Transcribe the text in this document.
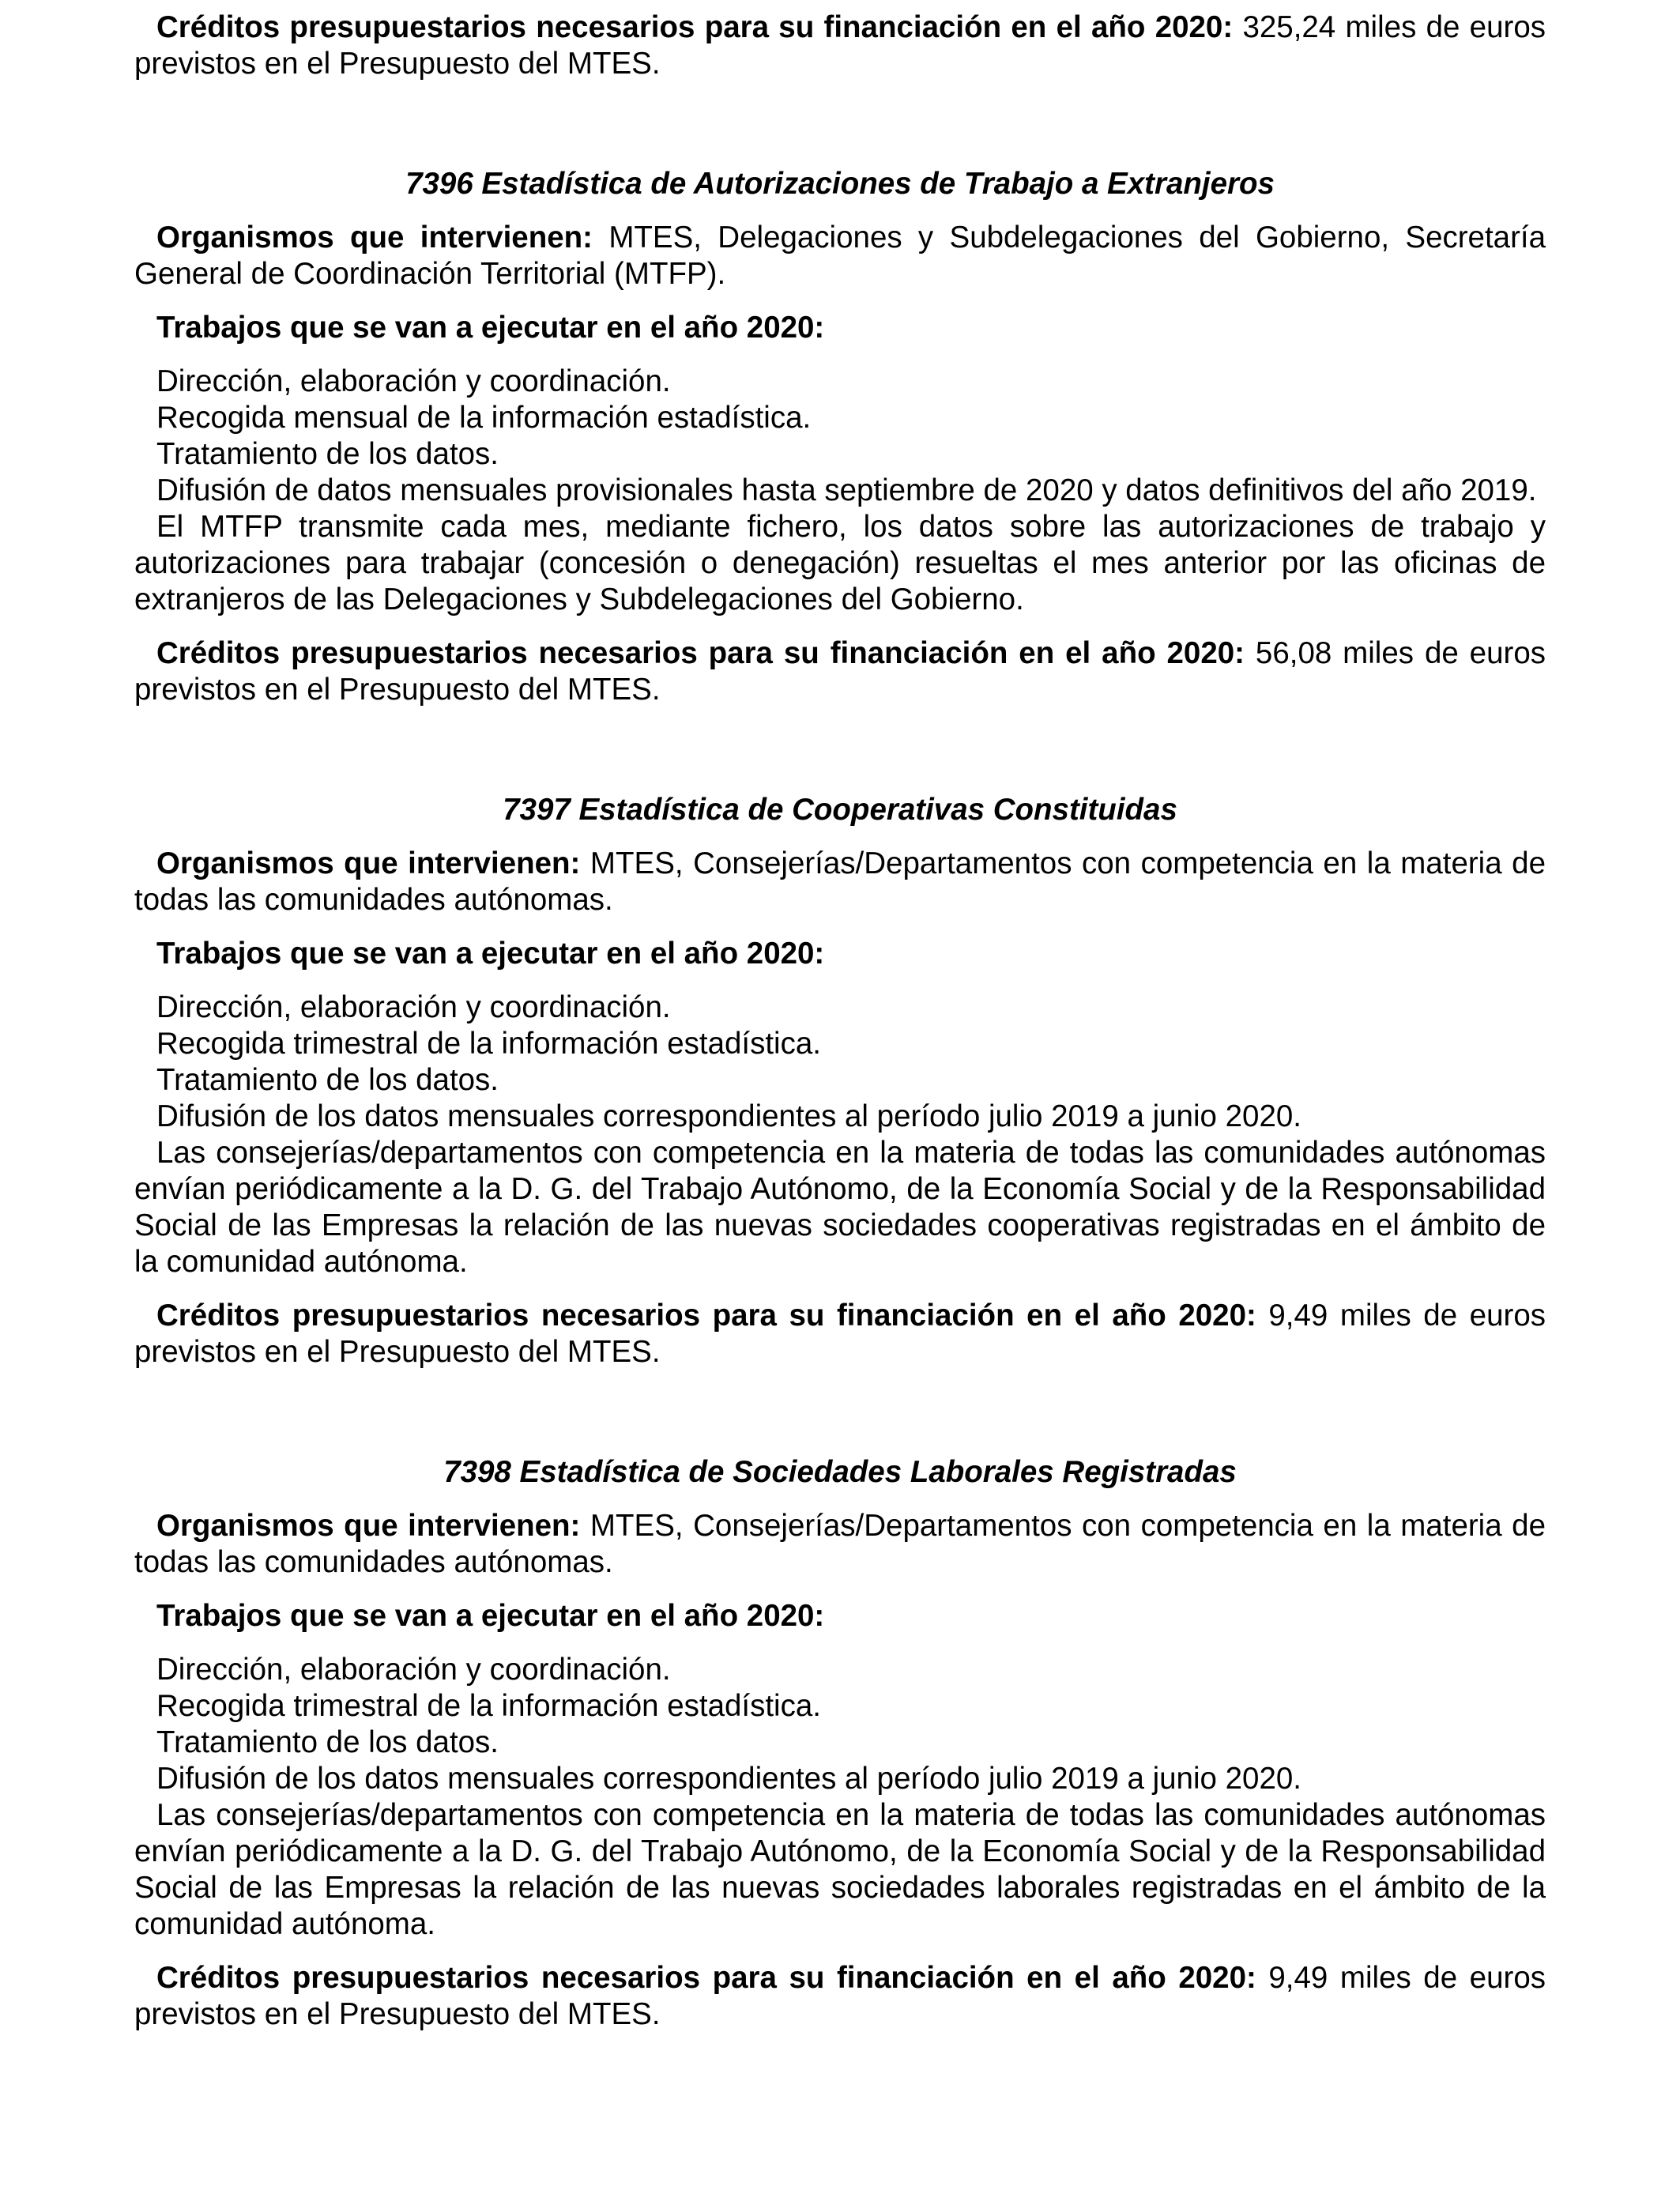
Créditos presupuestarios necesarios para su financiación en el año 2020: 325,24 miles de euros previstos en el Presupuesto del MTES.

7396 Estadística de Autorizaciones de Trabajo a Extranjeros

Organismos que intervienen: MTES, Delegaciones y Subdelegaciones del Gobierno, Secretaría General de Coordinación Territorial (MTFP).

Trabajos que se van a ejecutar en el año 2020:

Dirección, elaboración y coordinación.

Recogida mensual de la información estadística.

Tratamiento de los datos.

Difusión de datos mensuales provisionales hasta septiembre de 2020 y datos definitivos del año 2019.

El MTFP transmite cada mes, mediante fichero, los datos sobre las autorizaciones de trabajo y autorizaciones para trabajar (concesión o denegación) resueltas el mes anterior por las oficinas de extranjeros de las Delegaciones y Subdelegaciones del Gobierno.

Créditos presupuestarios necesarios para su financiación en el año 2020: 56,08 miles de euros previstos en el Presupuesto del MTES.

7397 Estadística de Cooperativas Constituidas

Organismos que intervienen: MTES, Consejerías/Departamentos con competencia en la materia de todas las comunidades autónomas.

Trabajos que se van a ejecutar en el año 2020:

Dirección, elaboración y coordinación.

Recogida trimestral de la información estadística.

Tratamiento de los datos.

Difusión de los datos mensuales correspondientes al período julio 2019 a junio 2020.

Las consejerías/departamentos con competencia en la materia de todas las comunidades autónomas envían periódicamente a la D. G. del Trabajo Autónomo, de la Economía Social y de la Responsabilidad Social de las Empresas la relación de las nuevas sociedades cooperativas registradas en el ámbito de la comunidad autónoma.

Créditos presupuestarios necesarios para su financiación en el año 2020: 9,49 miles de euros previstos en el Presupuesto del MTES.

7398 Estadística de Sociedades Laborales Registradas

Organismos que intervienen: MTES, Consejerías/Departamentos con competencia en la materia de todas las comunidades autónomas.

Trabajos que se van a ejecutar en el año 2020:

Dirección, elaboración y coordinación.

Recogida trimestral de la información estadística.

Tratamiento de los datos.

Difusión de los datos mensuales correspondientes al período julio 2019 a junio 2020.

Las consejerías/departamentos con competencia en la materia de todas las comunidades autónomas envían periódicamente a la D. G. del Trabajo Autónomo, de la Economía Social y de la Responsabilidad Social de las Empresas la relación de las nuevas sociedades laborales registradas en el ámbito de la comunidad autónoma.

Créditos presupuestarios necesarios para su financiación en el año 2020: 9,49 miles de euros previstos en el Presupuesto del MTES.
